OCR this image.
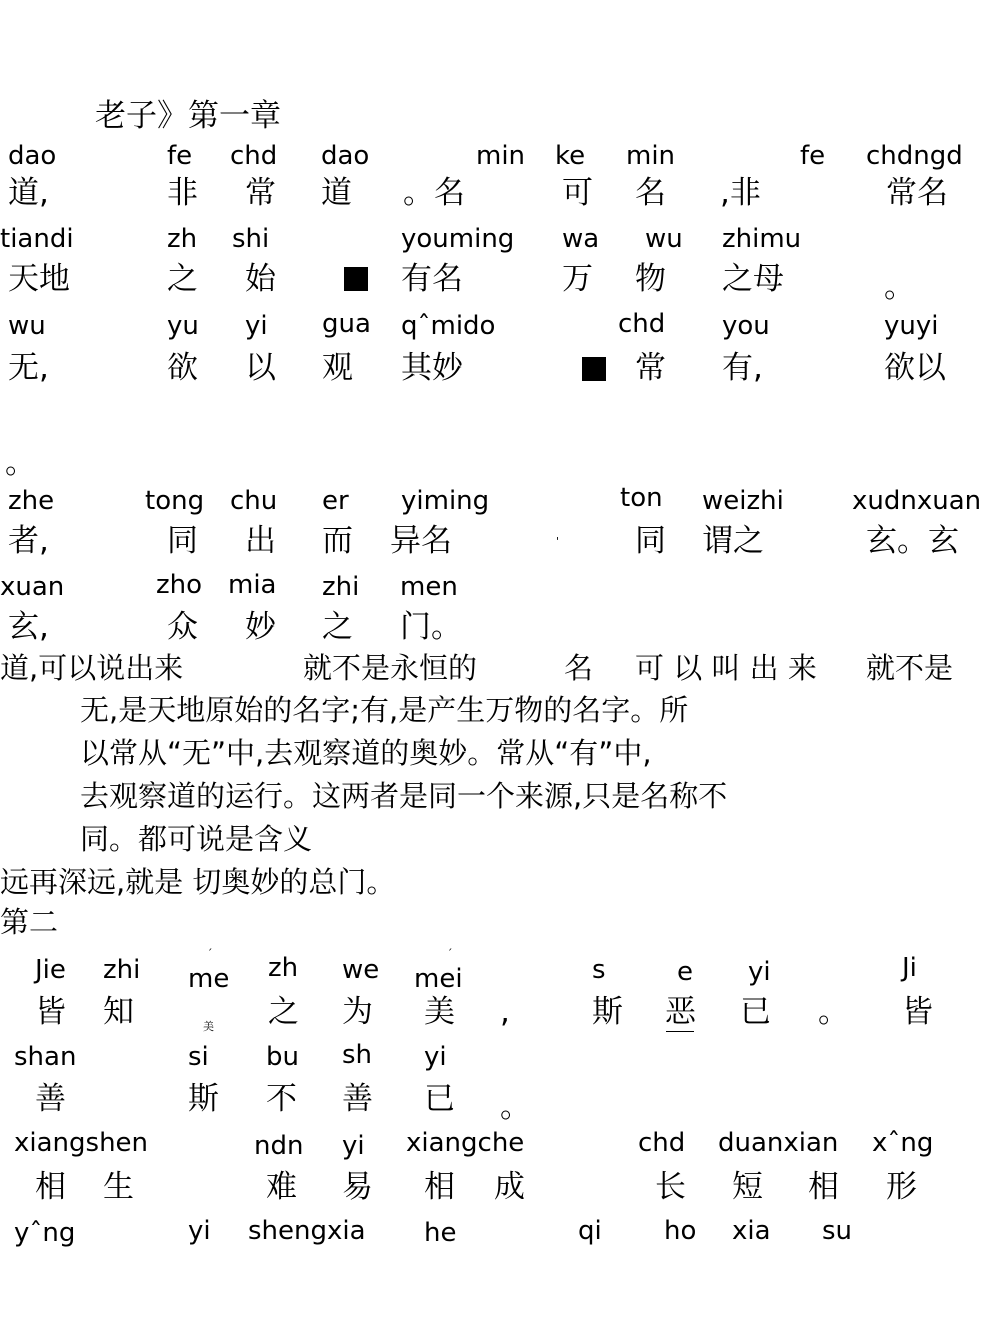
老子》第一章
dao	fe chd dao	min ke min	fe chdngd
道,	非 常 道 。名	可 名 ,非	常名
tiandi	zh shi	youming wa wu zhimu
天地	之 始	有名	万 物 之母	。
wu	yu yi gua qˆmido	chd you	yuyi
无,	欲 以 观 其妙	常 有,	欲以
。
zhe	tong chu er yiming	ton weizhi	xudnxuan
者,	同 出 而 异名	' 同 谓之	玄。玄
xuan	zho mia zhi men
玄,	众 妙 之 门。
道,可以说出来	就不是永恒的	名 可 以 叫 出 来 就不是
无,是天地原始的名字;有,是产生万物的名字。所
以常从“无”中,去观察道的奥妙。常从“有”中,
去观察道的运行。这两者是同一个来源,只是名称不
同。都可说是含义
远再深远,就是 切奥妙的总门。
第二
Jie zhi
´
me zh we
´
mei	s	e yi	Ji
皆 知	美 之 为 美 ,	斯 恶 已 。 皆
shan	si bu sh yi
善	斯 不 善 已 。
xiangshen	ndn yi xiangche	chd duanxian xˆng
相 生	难 易 相 成	长 短 相 形
yˆng	yi shengxia he	qi ho xia su
